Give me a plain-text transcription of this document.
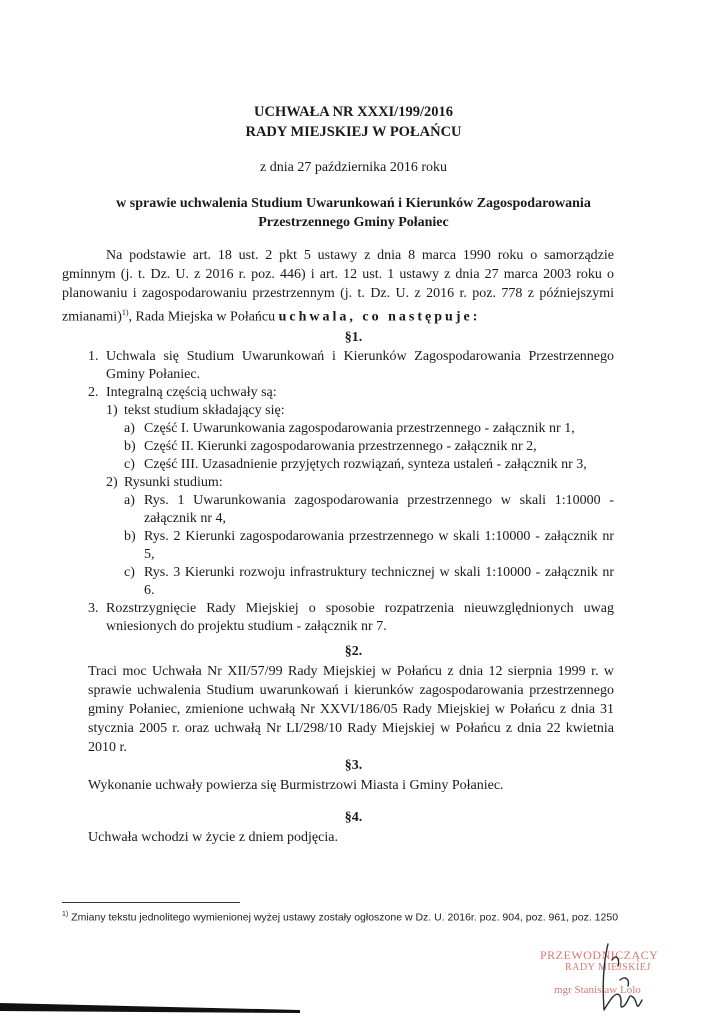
UCHWAŁA NR XXXI/199/2016
RADY MIEJSKIEJ W POŁAŃCU
z dnia 27 października 2016 roku
w sprawie uchwalenia Studium Uwarunkowań i Kierunków Zagospodarowania
Przestrzennego Gminy Połaniec
Na podstawie art. 18 ust. 2 pkt 5 ustawy z dnia 8 marca 1990 roku o samorządzie gminnym (j. t. Dz. U. z 2016 r. poz. 446) i art. 12 ust. 1 ustawy z dnia 27 marca 2003 roku o planowaniu i zagospodarowaniu przestrzennym (j. t. Dz. U. z 2016 r. poz. 778 z późniejszymi zmianami)$^{1)}$, Rada Miejska w Połańcu uchwala, co następuje:
§1.
1. Uchwala się Studium Uwarunkowań i Kierunków Zagospodarowania Przestrzennego Gminy Połaniec.
2. Integralną częścią uchwały są:
1) tekst studium składający się:
a) Część I. Uwarunkowania zagospodarowania przestrzennego - załącznik nr 1,
b) Część II. Kierunki zagospodarowania przestrzennego - załącznik nr 2,
c) Część III. Uzasadnienie przyjętych rozwiązań, synteza ustaleń - załącznik nr 3,
2) Rysunki studium:
a) Rys. 1 Uwarunkowania zagospodarowania przestrzennego w skali 1:10000 - załącznik nr 4,
b) Rys. 2 Kierunki zagospodarowania przestrzennego w skali 1:10000 - załącznik nr 5,
c) Rys. 3 Kierunki rozwoju infrastruktury technicznej w skali 1:10000 - załącznik nr 6.
3. Rozstrzygnięcie Rady Miejskiej o sposobie rozpatrzenia nieuwzględnionych uwag wniesionych do projektu studium - załącznik nr 7.
§2.
Traci moc Uchwała Nr XII/57/99 Rady Miejskiej w Połańcu z dnia 12 sierpnia 1999 r. w sprawie uchwalenia Studium uwarunkowań i kierunków zagospodarowania przestrzennego gminy Połaniec, zmienione uchwałą Nr XXVI/186/05 Rady Miejskiej w Połańcu z dnia 31 stycznia 2005 r. oraz uchwałą Nr LI/298/10 Rady Miejskiej w Połańcu z dnia 22 kwietnia 2010 r.
§3.
Wykonanie uchwały powierza się Burmistrzowi Miasta i Gminy Połaniec.
§4.
Uchwała wchodzi w życie z dniem podjęcia.
$^{1)}$ Zmiany tekstu jednolitego wymienionej wyżej ustawy zostały ogłoszone w Dz. U. 2016r. poz. 904, poz. 961, poz. 1250
PRZEWODNICZĄCY
RADY MIEJSKIEJ
mgr Stanisław Lolo
